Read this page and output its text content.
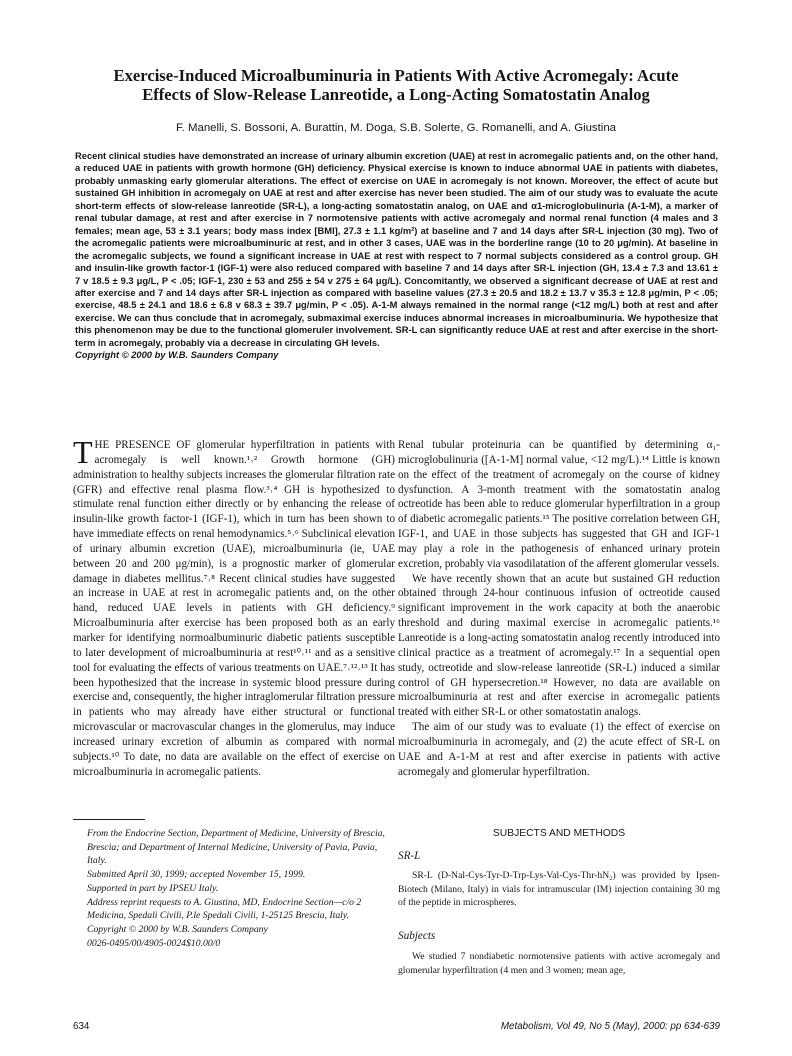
Exercise-Induced Microalbuminuria in Patients With Active Acromegaly: Acute
Effects of Slow-Release Lanreotide, a Long-Acting Somatostatin Analog
F. Manelli, S. Bossoni, A. Burattin, M. Doga, S.B. Solerte, G. Romanelli, and A. Giustina
Recent clinical studies have demonstrated an increase of urinary albumin excretion (UAE) at rest in acromegalic patients and, on the other hand, a reduced UAE in patients with growth hormone (GH) deficiency. Physical exercise is known to induce abnormal UAE in patients with diabetes, probably unmasking early glomerular alterations. The effect of exercise on UAE in acromegaly is not known. Moreover, the effect of acute but sustained GH inhibition in acromegaly on UAE at rest and after exercise has never been studied. The aim of our study was to evaluate the acute short-term effects of slow-release lanreotide (SR-L), a long-acting somatostatin analog, on UAE and α1-microglobulinuria (A-1-M), a marker of renal tubular damage, at rest and after exercise in 7 normotensive patients with active acromegaly and normal renal function (4 males and 3 females; mean age, 53 ± 3.1 years; body mass index [BMI], 27.3 ± 1.1 kg/m²) at baseline and 7 and 14 days after SR-L injection (30 mg). Two of the acromegalic patients were microalbuminuric at rest, and in other 3 cases, UAE was in the borderline range (10 to 20 μg/min). At baseline in the acromegalic subjects, we found a significant increase in UAE at rest with respect to 7 normal subjects considered as a control group. GH and insulin-like growth factor-1 (IGF-1) were also reduced compared with baseline 7 and 14 days after SR-L injection (GH, 13.4 ± 7.3 and 13.61 ± 7 v 18.5 ± 9.3 μg/L, P < .05; IGF-1, 230 ± 53 and 255 ± 54 v 275 ± 64 μg/L). Concomitantly, we observed a significant decrease of UAE at rest and after exercise and 7 and 14 days after SR-L injection as compared with baseline values (27.3 ± 20.5 and 18.2 ± 13.7 v 35.3 ± 12.8 μg/min, P < .05; exercise, 48.5 ± 24.1 and 18.6 ± 6.8 v 68.3 ± 39.7 μg/min, P < .05). A-1-M always remained in the normal range (<12 mg/L) both at rest and after exercise. We can thus conclude that in acromegaly, submaximal exercise induces abnormal increases in microalbuminuria. We hypothesize that this phenomenon may be due to the functional glomeruler involvement. SR-L can significantly reduce UAE at rest and after exercise in the short-term in acromegaly, probably via a decrease in circulating GH levels.
Copyright © 2000 by W.B. Saunders Company

THE PRESENCE OF glomerular hyperfiltration in patients with acromegaly is well known.¹˒² Growth hormone (GH) administration to healthy subjects increases the glomerular filtration rate (GFR) and effective renal plasma flow.³˒⁴ GH is hypothesized to stimulate renal function either directly or by enhancing the release of insulin-like growth factor-1 (IGF-1), which in turn has been shown to have immediate effects on renal hemodynamics.⁵˒⁶ Subclinical elevation of urinary albumin excretion (UAE), microalbuminuria (ie, UAE between 20 and 200 μg/min), is a prognostic marker of glomerular damage in diabetes mellitus.⁷˒⁸ Recent clinical studies have suggested an increase in UAE at rest in acromegalic patients and, on the other hand, reduced UAE levels in patients with GH deficiency.⁹ Microalbuminuria after exercise has been proposed both as an early marker for identifying normoalbuminuric diabetic patients susceptible to later development of microalbuminuria at rest¹⁰˒¹¹ and as a sensitive tool for evaluating the effects of various treatments on UAE.⁷˒¹²˒¹³ It has been hypothesized that the increase in systemic blood pressure during exercise and, consequently, the higher intraglomerular filtration pressure in patients who may already have either structural or functional microvascular or macrovascular changes in the glomerulus, may induce increased urinary excretion of albumin as compared with normal subjects.¹⁰ To date, no data are available on the effect of exercise on microalbuminuria in acromegalic patients.

Renal tubular proteinuria can be quantified by determining α₁-microglobulinuria ([A-1-M] normal value, <12 mg/L).¹⁴ Little is known on the effect of the treatment of acromegaly on the course of kidney dysfunction. A 3-month treatment with the somatostatin analog octreotide has been able to reduce glomerular hyperfiltration in a group of diabetic acromegalic patients.¹⁵ The positive correlation between GH, IGF-1, and UAE in those subjects has suggested that GH and IGF-1 may play a role in the pathogenesis of enhanced urinary protein excretion, probably via vasodilatation of the afferent glomerular vessels.

We have recently shown that an acute but sustained GH reduction obtained through 24-hour continuous infusion of octreotide caused significant improvement in the work capacity at both the anaerobic threshold and during maximal exercise in acromegalic patients.¹⁶ Lanreotide is a long-acting somatostatin analog recently introduced into clinical practice as a treatment of acromegaly.¹⁷ In a sequential open study, octreotide and slow-release lanreotide (SR-L) induced a similar control of GH hypersecretion.¹⁸ However, no data are available on microalbuminuria at rest and after exercise in acromegalic patients treated with either SR-L or other somatostatin analogs.

The aim of our study was to evaluate (1) the effect of exercise on microalbuminuria in acromegaly, and (2) the acute effect of SR-L on UAE and A-1-M at rest and after exercise in patients with active acromegaly and glomerular hyperfiltration.

SUBJECTS AND METHODS
SR-L

SR-L (D-Nal-Cys-Tyr-D-Trp-Lys-Val-Cys-Thr-hN₂) was provided by Ipsen-Biotech (Milano, Italy) in vials for intramuscular (IM) injection containing 30 mg of the peptide in microspheres.

Subjects

We studied 7 nondiabetic normotensive patients with active acromegaly and glomerular hyperfiltration (4 men and 3 women; mean age,

From the Endocrine Section, Department of Medicine, University of Brescia, Brescia; and Department of Internal Medicine, University of Pavia, Pavia, Italy.
Submitted April 30, 1999; accepted November 15, 1999.
Supported in part by IPSEU Italy.
Address reprint requests to A. Giustina, MD, Endocrine Section—c/o 2 Medicina, Spedali Civili, P.le Spedali Civili, 1-25125 Brescia, Italy.
Copyright © 2000 by W.B. Saunders Company
0026-0495/00/4905-0024$10.00/0
634	Metabolism, Vol 49, No 5 (May), 2000: pp 634-639
